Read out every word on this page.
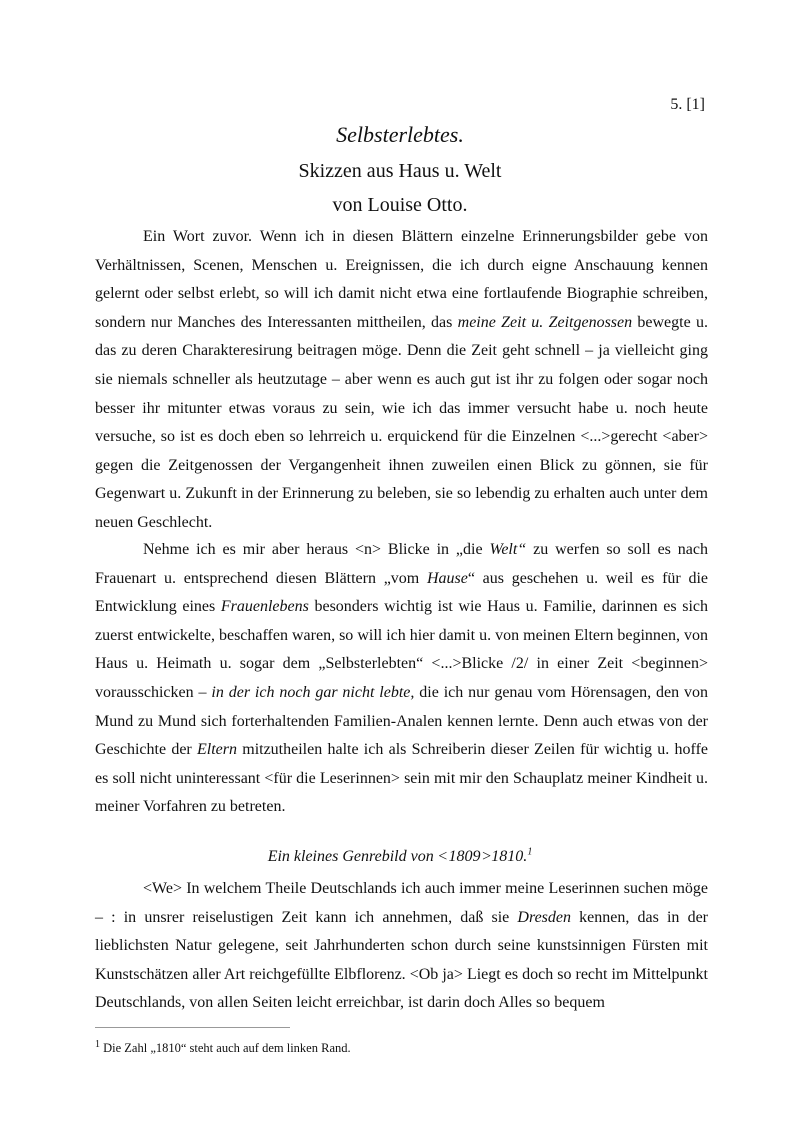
5. [1]
Selbsterlebtes.
Skizzen aus Haus u. Welt
von Louise Otto.

Ein Wort zuvor. Wenn ich in diesen Blättern einzelne Erinnerungsbilder gebe von Verhältnissen, Scenen, Menschen u. Ereignissen, die ich durch eigne Anschauung kennen gelernt oder selbst erlebt, so will ich damit nicht etwa eine fortlaufende Biographie schreiben, sondern nur Manches des Interessanten mittheilen, das meine Zeit u. Zeitgenossen bewegte u. das zu deren Charakteresirung beitragen möge. Denn die Zeit geht schnell – ja vielleicht ging sie niemals schneller als heutzutage – aber wenn es auch gut ist ihr zu folgen oder sogar noch besser ihr mitunter etwas voraus zu sein, wie ich das immer versucht habe u. noch heute versuche, so ist es doch eben so lehrreich u. erquickend für die Einzelnen <...>gerecht ˂aber˃ gegen die Zeitgenossen der Vergangenheit ihnen zuweilen einen Blick zu gönnen, sie für Gegenwart u. Zukunft in der Erinnerung zu beleben, sie so lebendig zu erhalten auch unter dem neuen Geschlecht.

Nehme ich es mir aber heraus <n> Blicke in „die Welt“ zu werfen so soll es nach Frauenart u. entsprechend diesen Blättern „vom Hause“ aus geschehen u. weil es für die Entwicklung eines Frauenlebens besonders wichtig ist wie Haus u. Familie, darinnen es sich zuerst entwickelte, beschaffen waren, so will ich hier damit u. von meinen Eltern beginnen, von Haus u. Heimath u. sogar dem „Selbsterlebten“ <...>Blicke /2/ in einer Zeit ˂beginnen˃ vorausschicken – in der ich noch gar nicht lebte, die ich nur genau vom Hörensagen, den von Mund zu Mund sich forterhaltenden Familien-Analen kennen lernte. Denn auch etwas von der Geschichte der Eltern mitzutheilen halte ich als Schreiberin dieser Zeilen für wichtig u. hoffe es soll nicht uninteressant ˂für die Leserinnen˃ sein mit mir den Schauplatz meiner Kindheit u. meiner Vorfahren zu betreten.

Ein kleines Genrebild von ˂1809˃1810.$^1$

<We> In welchem Theile Deutschlands ich auch immer meine Leserinnen suchen möge – : in unsrer reiselustigen Zeit kann ich annehmen, daß sie Dresden kennen, das in der lieblichsten Natur gelegene, seit Jahrhunderten schon durch seine kunstsinnigen Fürsten mit Kunstschätzen aller Art reichgefüllte Elbflorenz. ˂Ob ja˃ Liegt es doch so recht im Mittelpunkt Deutschlands, von allen Seiten leicht erreichbar, ist darin doch Alles so bequem

$^1$ Die Zahl „1810“ steht auch auf dem linken Rand.
